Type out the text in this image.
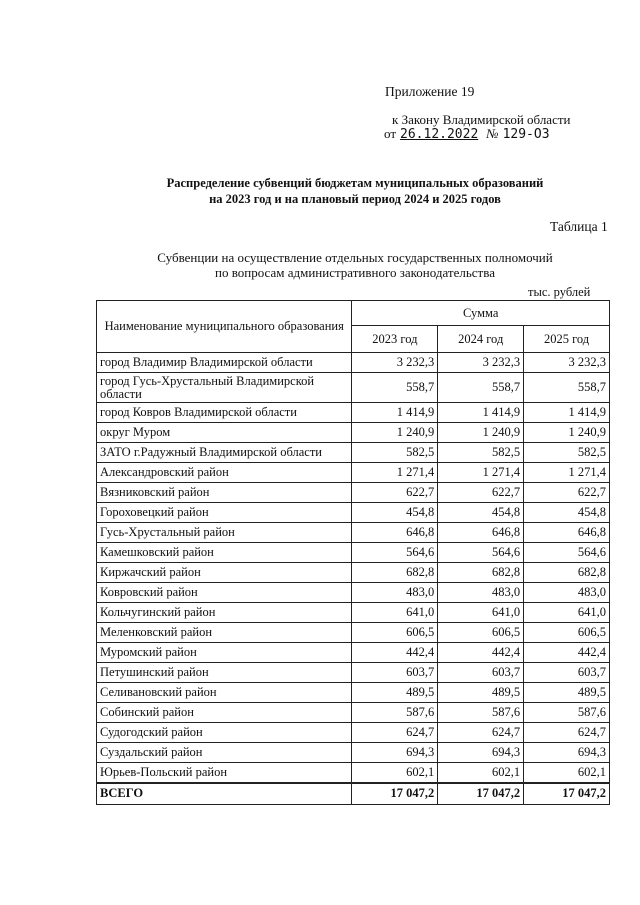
Приложение 19
к Закону Владимирской области
от 26.12.2022 № 129-ОЗ
Распределение субвенций бюджетам муниципальных образований
на 2023 год и на плановый период 2024 и 2025 годов
Таблица 1
Субвенции на осуществление отдельных государственных полномочий
по вопросам административного законодательства
тыс. рублей
Наименование муниципального образования	Сумма		
	2023 год	2024 год	2025 год
город Владимир Владимирской области	3 232,3	3 232,3	3 232,3
город Гусь-Хрустальный Владимирской области	558,7	558,7	558,7
город Ковров Владимирской области	1 414,9	1 414,9	1 414,9
округ Муром	1 240,9	1 240,9	1 240,9
ЗАТО г.Радужный Владимирской области	582,5	582,5	582,5
Александровский район	1 271,4	1 271,4	1 271,4
Вязниковский район	622,7	622,7	622,7
Гороховецкий район	454,8	454,8	454,8
Гусь-Хрустальный район	646,8	646,8	646,8
Камешковский район	564,6	564,6	564,6
Киржачский район	682,8	682,8	682,8
Ковровский район	483,0	483,0	483,0
Кольчугинский район	641,0	641,0	641,0
Меленковский район	606,5	606,5	606,5
Муромский район	442,4	442,4	442,4
Петушинский район	603,7	603,7	603,7
Селивановский район	489,5	489,5	489,5
Собинский район	587,6	587,6	587,6
Судогодский район	624,7	624,7	624,7
Суздальский район	694,3	694,3	694,3
Юрьев-Польский район	602,1	602,1	602,1
ВСЕГО	17 047,2	17 047,2	17 047,2
